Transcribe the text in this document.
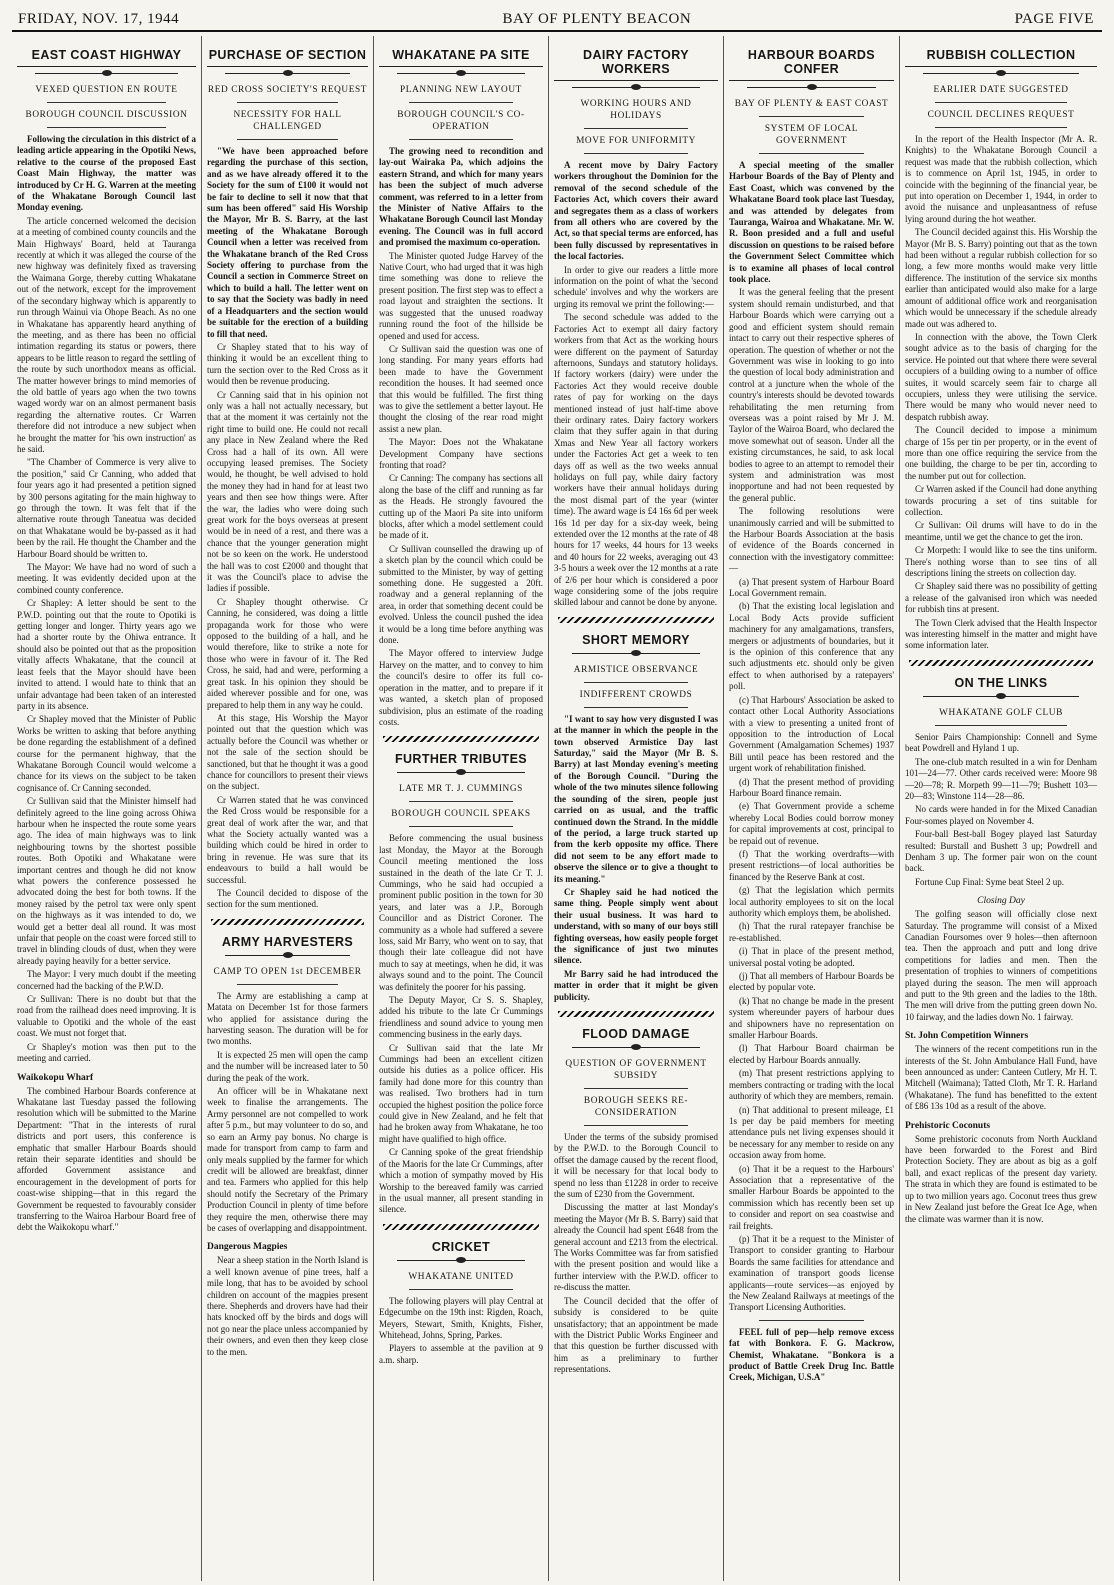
FRIDAY, NOV. 17, 1944	BAY OF PLENTY BEACON	PAGE FIVE
EAST COAST HIGHWAY
VEXED QUESTION EN ROUTE
BOROUGH COUNCIL DISCUSSION

Following the circulation in this district of a leading article appearing in the Opotiki News, relative to the course of the proposed East Coast Main Highway, the matter was introduced by Cr H. G. Warren at the meeting of the Whakatane Borough Council last Monday evening.

The article concerned welcomed the decision at a meeting of combined county councils and the Main Highways' Board, held at Tauranga recently at which it was alleged the course of the new highway was definitely fixed as traversing the Waimana Gorge, thereby cutting Whakatane out of the network, except for the improvement of the secondary highway which is apparently to run through Wainui via Ohope Beach. As no one in Whakatane has apparently heard anything of the meeting, and as there has been no official intimation regarding its status or powers, there appears to be little reason to regard the settling of the route by such unorthodox means as official. The matter however brings to mind memories of the old battle of years ago when the two towns waged wordy war on an almost permanent basis regarding the alternative routes. Cr Warren therefore did not introduce a new subject when he brought the matter for 'his own instruction' as he said.

"The Chamber of Commerce is very alive to the position," said Cr Canning, who added that four years ago it had presented a petition signed by 300 persons agitating for the main highway to go through the town. It was felt that if the alternative route through Taneatua was decided on that Whakatane would be by-passed as it had been by the rail. He thought the Chamber and the Harbour Board should be written to.

The Mayor: We have had no word of such a meeting. It was evidently decided upon at the combined county conference.

Cr Shapley: A letter should be sent to the P.W.D. pointing out that the route to Opotiki is getting longer and longer. Thirty years ago we had a shorter route by the Ohiwa entrance. It should also be pointed out that as the proposition vitally affects Whakatane, that the council at least feels that the Mayor should have been invited to attend. I would hate to think that an unfair advantage had been taken of an interested party in its absence.

Cr Shapley moved that the Minister of Public Works be written to asking that before anything be done regarding the establishment of a defined course for the permanent highway, that the Whakatane Borough Council would welcome a chance for its views on the subject to be taken cognisance of. Cr Canning seconded.

Cr Sullivan said that the Minister himself had definitely agreed to the line going across Ohiwa harbour when he inspected the route some years ago. The idea of main highways was to link neighbouring towns by the shortest possible routes. Both Opotiki and Whakatane were important centres and though he did not know what powers the conference possessed he advocated doing the best for both towns. If the money raised by the petrol tax were only spent on the highways as it was intended to do, we would get a better deal all round. It was most unfair that people on the coast were forced still to travel in blinding clouds of dust, when they were already paying heavily for a better service.

The Mayor: I very much doubt if the meeting concerned had the backing of the P.W.D.

Cr Sullivan: There is no doubt but that the road from the railhead does need improving. It is valuable to Opotiki and the whole of the east coast. We must not forget that.

Cr Shapley's motion was then put to the meeting and carried.

Waikokopu Wharf

The combined Harbour Boards conference at Whakatane last Tuesday passed the following resolution which will be submitted to the Marine Department: "That in the interests of rural districts and port users, this conference is emphatic that smaller Harbour Boards should retain their separate identities and should be afforded Government assistance and encouragement in the development of ports for coast-wise shipping—that in this regard the Government be requested to favourably consider transferring to the Wairoa Harbour Board free of debt the Waikokopu wharf."

PURCHASE OF SECTION
RED CROSS SOCIETY'S REQUEST
NECESSITY FOR HALL CHALLENGED

"We have been approached before regarding the purchase of this section, and as we have already offered it to the Society for the sum of £100 it would not be fair to decline to sell it now that that sum has been offered" said His Worship the Mayor, Mr B. S. Barry, at the last meeting of the Whakatane Borough Council when a letter was received from the Whakatane branch of the Red Cross Society offering to purchase from the Council a section in Commerce Street on which to build a hall. The letter went on to say that the Society was badly in need of a Headquarters and the section would be suitable for the erection of a building to fill that need.

Cr Shapley stated that to his way of thinking it would be an excellent thing to turn the section over to the Red Cross as it would then be revenue producing.

Cr Canning said that in his opinion not only was a hall not actually necessary, but that at the moment it was certainly not the right time to build one. He could not recall any place in New Zealand where the Red Cross had a hall of its own. All were occupying leased premises. The Society would, he thought, be well advised to hold the money they had in hand for at least two years and then see how things were. After the war, the ladies who were doing such great work for the boys overseas at present would be in need of a rest, and there was a chance that the younger generation might not be so keen on the work. He understood the hall was to cost £2000 and thought that it was the Council's place to advise the ladies if possible.

Cr Shapley thought otherwise. Cr Canning, he considered, was doing a little propaganda work for those who were opposed to the building of a hall, and he would therefore, like to strike a note for those who were in favour of it. The Red Cross, he said, had and were, performing a great task. In his opinion they should be aided wherever possible and for one, was prepared to help them in any way he could.

At this stage, His Worship the Mayor pointed out that the question which was actually before the Council was whether or not the sale of the section should be sanctioned, but that he thought it was a good chance for councillors to present their views on the subject.

Cr Warren stated that he was convinced the Red Cross would be responsible for a great deal of work after the war, and that what the Society actually wanted was a building which could be hired in order to bring in revenue. He was sure that its endeavours to build a hall would be successful.

The Council decided to dispose of the section for the sum mentioned.

ARMY HARVESTERS
CAMP TO OPEN 1st DECEMBER

The Army are establishing a camp at Matata on December 1st for those farmers who applied for assistance during the harvesting season. The duration will be for two months.

It is expected 25 men will open the camp and the number will be increased later to 50 during the peak of the work.

An officer will be in Whakatane next week to finalise the arrangements. The Army personnel are not compelled to work after 5 p.m., but may volunteer to do so, and so earn an Army pay bonus. No charge is made for transport from camp to farm and only meals supplied by the farmer for which credit will be allowed are breakfast, dinner and tea. Farmers who applied for this help should notify the Secretary of the Primary Production Council in plenty of time before they require the men, otherwise there may be cases of overlapping and disappointment.

Dangerous Magpies

Near a sheep station in the North Island is a well known avenue of pine trees, half a mile long, that has to be avoided by school children on account of the magpies present there. Shepherds and drovers have had their hats knocked off by the birds and dogs will not go near the place unless accompanied by their owners, and even then they keep close to the men.

WHAKATANE PA SITE
PLANNING NEW LAYOUT
BOROUGH COUNCIL'S CO-OPERATION

The growing need to recondition and lay-out Wairaka Pa, which adjoins the eastern Strand, and which for many years has been the subject of much adverse comment, was referred to in a letter from the Minister of Native Affairs to the Whakatane Borough Council last Monday evening. The Council was in full accord and promised the maximum co-operation.

The Minister quoted Judge Harvey of the Native Court, who had urged that it was high time something was done to relieve the present position. The first step was to effect a road layout and straighten the sections. It was suggested that the unused roadway running round the foot of the hillside be opened and used for access.

Cr Sullivan said the question was one of long standing. For many years efforts had been made to have the Government recondition the houses. It had seemed once that this would be fulfilled. The first thing was to give the settlement a better layout. He thought the closing of the rear road might assist a new plan.

The Mayor: Does not the Whakatane Development Company have sections fronting that road?

Cr Canning: The company has sections all along the base of the cliff and running as far as the Heads. He strongly favoured the cutting up of the Maori Pa site into uniform blocks, after which a model settlement could be made of it.

Cr Sullivan counselled the drawing up of a sketch plan by the council which could be submitted to the Minister, by way of getting something done. He suggested a 20ft. roadway and a general replanning of the area, in order that something decent could be evolved. Unless the council pushed the idea it would be a long time before anything was done.

The Mayor offered to interview Judge Harvey on the matter, and to convey to him the council's desire to offer its full co-operation in the matter, and to prepare if it was wanted, a sketch plan of proposed subdivision, plus an estimate of the roading costs.

FURTHER TRIBUTES
LATE MR T. J. CUMMINGS
BOROUGH COUNCIL SPEAKS

Before commencing the usual business last Monday, the Mayor at the Borough Council meeting mentioned the loss sustained in the death of the late Cr T. J. Cummings, who he said had occupied a prominent public position in the town for 30 years, and later was a J.P., Borough Councillor and as District Coroner. The community as a whole had suffered a severe loss, said Mr Barry, who went on to say, that though their late colleague did not have much to say at meetings, when he did, it was always sound and to the point. The Council was definitely the poorer for his passing.

The Deputy Mayor, Cr S. S. Shapley, added his tribute to the late Cr Cummings friendliness and sound advice to young men commencing business in the early days.

Cr Sullivan said that the late Mr Cummings had been an excellent citizen outside his duties as a police officer. His family had done more for this country than was realised. Two brothers had in turn occupied the highest position the police force could give in New Zealand, and he felt that had he broken away from Whakatane, he too might have qualified to high office.

Cr Canning spoke of the great friendship of the Maoris for the late Cr Cummings, after which a motion of sympathy moved by His Worship to the bereaved family was carried in the usual manner, all present standing in silence.

CRICKET
WHAKATANE UNITED

The following players will play Central at Edgecumbe on the 19th inst: Rigden, Roach, Meyers, Stewart, Smith, Knights, Fisher, Whitehead, Johns, Spring, Parkes.

Players to assemble at the pavilion at 9 a.m. sharp.

DAIRY FACTORY WORKERS
WORKING HOURS AND HOLIDAYS
MOVE FOR UNIFORMITY

A recent move by Dairy Factory workers throughout the Dominion for the removal of the second schedule of the Factories Act, which covers their award and segregates them as a class of workers from all others who are covered by the Act, so that special terms are enforced, has been fully discussed by representatives in the local factories.

In order to give our readers a little more information on the point of what the 'second schedule' involves and why the workers are urging its removal we print the following:—

The second schedule was added to the Factories Act to exempt all dairy factory workers from that Act as the working hours were different on the payment of Saturday afternoons, Sundays and statutory holidays. If factory workers (dairy) were under the Factories Act they would receive double rates of pay for working on the days mentioned instead of just half-time above their ordinary rates. Dairy factory workers claim that they suffer again in that during Xmas and New Year all factory workers under the Factories Act get a week to ten days off as well as the two weeks annual holidays on full pay, while dairy factory workers have their annual holidays during the most dismal part of the year (winter time). The award wage is £4 16s 6d per week 16s 1d per day for a six-day week, being extended over the 12 months at the rate of 48 hours for 17 weeks, 44 hours for 13 weeks and 40 hours for 22 weeks, averaging out 43 3-5 hours a week over the 12 months at a rate of 2/6 per hour which is considered a poor wage considering some of the jobs require skilled labour and cannot be done by anyone.

SHORT MEMORY
ARMISTICE OBSERVANCE
INDIFFERENT CROWDS

"I want to say how very disgusted I was at the manner in which the people in the town observed Armistice Day last Saturday," said the Mayor (Mr B. S. Barry) at last Monday evening's meeting of the Borough Council. "During the whole of the two minutes silence following the sounding of the siren, people just carried on as usual, and the traffic continued down the Strand. In the middle of the period, a large truck started up from the kerb opposite my office. There did not seem to be any effort made to observe the silence or to give a thought to its meaning."

Cr Shapley said he had noticed the same thing. People simply went about their usual business. It was hard to understand, with so many of our boys still fighting overseas, how easily people forget the significance of just two minutes silence.

Mr Barry said he had introduced the matter in order that it might be given publicity.

FLOOD DAMAGE
QUESTION OF GOVERNMENT SUBSIDY
BOROUGH SEEKS RE-CONSIDERATION

Under the terms of the subsidy promised by the P.W.D. to the Borough Council to offset the damage caused by the recent flood, it will be necessary for that local body to spend no less than £1228 in order to receive the sum of £230 from the Government.

Discussing the matter at last Monday's meeting the Mayor (Mr B. S. Barry) said that already the Council had spent £648 from the general account and £213 from the electrical. The Works Committee was far from satisfied with the present position and would like a further interview with the P.W.D. officer to re-discuss the matter.

The Council decided that the offer of subsidy is considered to be quite unsatisfactory; that an appointment be made with the District Public Works Engineer and that this question be further discussed with him as a preliminary to further representations.

HARBOUR BOARDS CONFER
BAY OF PLENTY & EAST COAST
SYSTEM OF LOCAL GOVERNMENT

A special meeting of the smaller Harbour Boards of the Bay of Plenty and East Coast, which was convened by the Whakatane Board took place last Tuesday, and was attended by delegates from Tauranga, Wairoa and Whakatane. Mr. W. R. Boon presided and a full and useful discussion on questions to be raised before the Government Select Committee which is to examine all phases of local control took place.

It was the general feeling that the present system should remain undisturbed, and that Harbour Boards which were carrying out a good and efficient system should remain intact to carry out their respective spheres of operation. The question of whether or not the Government was wise in looking to go into the question of local body administration and control at a juncture when the whole of the country's interests should be devoted towards rehabilitating the men returning from overseas was a point raised by Mr J. M. Taylor of the Wairoa Board, who declared the move somewhat out of season. Under all the existing circumstances, he said, to ask local bodies to agree to an attempt to remodel their system and administration was most inopportune and had not been requested by the general public.

The following resolutions were unanimously carried and will be submitted to the Harbour Boards Association at the basis of evidence of the Boards concerned in connection with the investigatory committee:—

(a) That present system of Harbour Board Local Government remain.

(b) That the existing local legislation and Local Body Acts provide sufficient machinery for any amalgamations, transfers, mergers or adjustments of boundaries, but it is the opinion of this conference that any such adjustments etc. should only be given effect to when authorised by a ratepayers' poll.

(c) That Harbours' Association be asked to contact other Local Authority Associations with a view to presenting a united front of opposition to the introduction of Local Government (Amalgamation Schemes) 1937 Bill until peace has been restored and the urgent work of rehabilitation finished.

(d) That the present method of providing Harbour Board finance remain.

(e) That Government provide a scheme whereby Local Bodies could borrow money for capital improvements at cost, principal to be repaid out of revenue.

(f) That the working overdrafts—with present restrictions—of local authorities be financed by the Reserve Bank at cost.

(g) That the legislation which permits local authority employees to sit on the local authority which employs them, be abolished.

(h) That the rural ratepayer franchise be re-established.

(i) That in place of the present method, universal postal voting be adopted.

(j) That all members of Harbour Boards be elected by popular vote.

(k) That no change be made in the present system whereunder payers of harbour dues and shipowners have no representation on smaller Harbour Boards.

(l) That Harbour Board chairman be elected by Harbour Boards annually.

(m) That present restrictions applying to members contracting or trading with the local authority of which they are members, remain.

(n) That additional to present mileage, £1 1s per day be paid members for meeting attendance puls net living expenses should it be necessary for any member to reside on any occasion away from home.

(o) That it be a request to the Harbours' Association that a representative of the smaller Harbour Boards be appointed to the commission which has recently been set up to consider and report on sea coastwise and rail freights.

(p) That it be a request to the Minister of Transport to consider granting to Harbour Boards the same facilities for attendance and examination of transport goods license applicants—route services—as enjoyed by the New Zealand Railways at meetings of the Transport Licensing Authorities.

FEEL full of pep—help remove excess fat with Bonkora. F. G. Mackrow, Chemist, Whakatane. "Bonkora is a product of Battle Creek Drug Inc. Battle Creek, Michigan, U.S.A"

RUBBISH COLLECTION
EARLIER DATE SUGGESTED
COUNCIL DECLINES REQUEST

In the report of the Health Inspector (Mr A. R. Knights) to the Whakatane Borough Council a request was made that the rubbish collection, which is to commence on April 1st, 1945, in order to coincide with the beginning of the financial year, be put into operation on December 1, 1944, in order to avoid the nuisance and unpleasantness of refuse lying around during the hot weather.

The Council decided against this. His Worship the Mayor (Mr B. S. Barry) pointing out that as the town had been without a regular rubbish collection for so long, a few more months would make very little difference. The institution of the service six months earlier than anticipated would also make for a large amount of additional office work and reorganisation which would be unnecessary if the schedule already made out was adhered to.

In connection with the above, the Town Clerk sought advice as to the basis of charging for the service. He pointed out that where there were several occupiers of a building owing to a number of office suites, it would scarcely seem fair to charge all occupiers, unless they were utilising the service. There would be many who would never need to despatch rubbish away.

The Council decided to impose a minimum charge of 15s per tin per property, or in the event of more than one office requiring the service from the one building, the charge to be per tin, according to the number put out for collection.

Cr Warren asked if the Council had done anything towards procuring a set of tins suitable for collection.

Cr Sullivan: Oil drums will have to do in the meantime, until we get the chance to get the iron.

Cr Morpeth: I would like to see the tins uniform. There's nothing worse than to see tins of all descriptions lining the streets on collection day.

Cr Shapley said there was no possibility of getting a release of the galvanised iron which was needed for rubbish tins at present.

The Town Clerk advised that the Health Inspector was interesting himself in the matter and might have some information later.

ON THE LINKS
WHAKATANE GOLF CLUB

Senior Pairs Championship: Connell and Syme beat Powdrell and Hyland 1 up.

The one-club match resulted in a win for Denham 101—24—77. Other cards received were: Moore 98—20—78; R. Morpeth 99—11—79; Bushett 103—20—83; Winstone 114—28—86.

No cards were handed in for the Mixed Canadian Four-somes played on November 4.

Four-ball Best-ball Bogey played last Saturday resulted: Burstall and Bushett 3 up; Powdrell and Denham 3 up. The former pair won on the count back.

Fortune Cup Final: Syme beat Steel 2 up.

Closing Day

The golfing season will officially close next Saturday. The programme will consist of a Mixed Canadian Foursomes over 9 holes—then afternoon tea. Then the approach and putt and long drive competitions for ladies and men. Then the presentation of trophies to winners of competitions played during the season. The men will approach and putt to the 9th green and the ladies to the 18th. The men will drive from the putting green down No. 10 fairway, and the ladies down No. 1 fairway.

St. John Competition Winners

The winners of the recent competitions run in the interests of the St. John Ambulance Hall Fund, have been announced as under: Canteen Cutlery, Mr H. T. Mitchell (Waimana); Tatted Cloth, Mr T. R. Harland (Whakatane). The fund has benefitted to the extent of £86 13s 10d as a result of the above.

Prehistoric Coconuts

Some prehistoric coconuts from North Auckland have been forwarded to the Forest and Bird Protection Society. They are about as big as a golf ball, and exact replicas of the present day variety. The strata in which they are found is estimated to be up to two million years ago. Coconut trees thus grew in New Zealand just before the Great Ice Age, when the climate was warmer than it is now.
